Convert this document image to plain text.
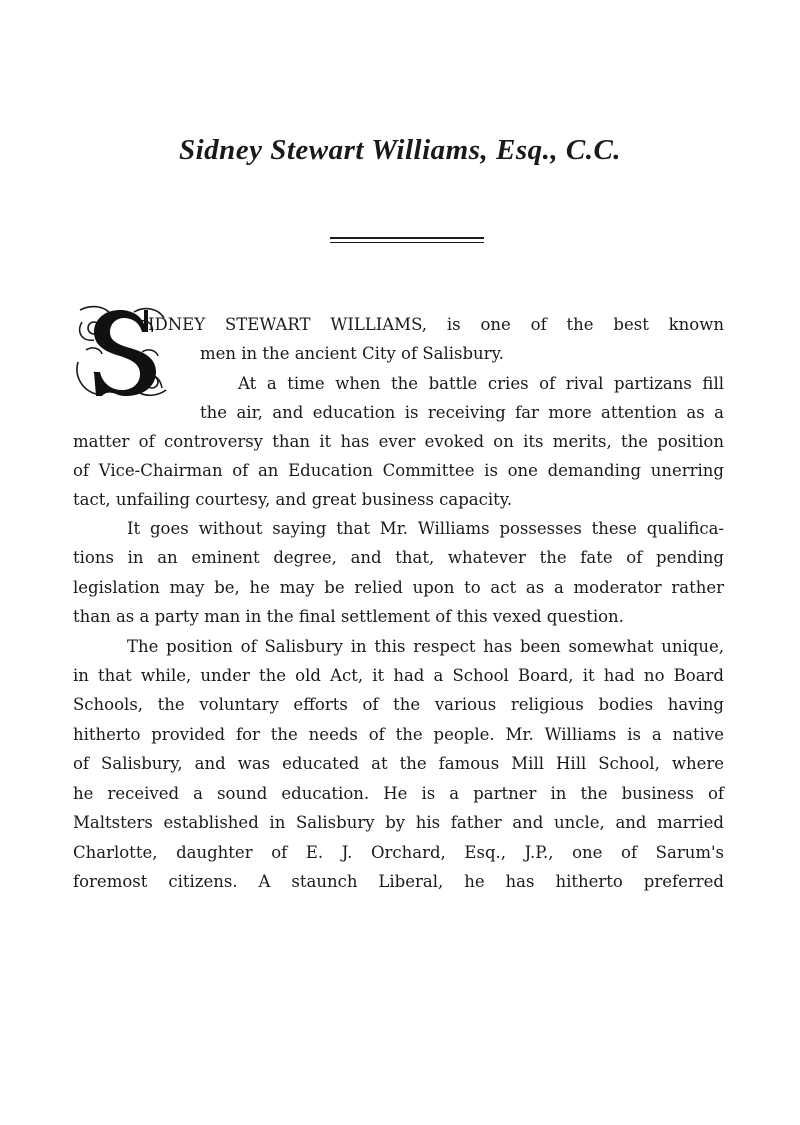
Sidney Stewart Williams, Esq., C.C.

IDNEY STEWART WILLIAMS, is one of the best known

men in the ancient City of Salisbury.

At a time when the battle cries of rival partizans fill

the air, and education is receiving far more attention as a

matter of controversy than it has ever evoked on its merits, the position

of Vice-Chairman of an Education Committee is one demanding unerring

tact, unfailing courtesy, and great business capacity.

It goes without saying that Mr. Williams possesses these qualifica-

tions in an eminent degree, and that, whatever the fate of pending

legislation may be, he may be relied upon to act as a moderator rather

than as a party man in the final settlement of this vexed question.

The position of Salisbury in this respect has been somewhat unique,

in that while, under the old Act, it had a School Board, it had no Board

Schools, the voluntary efforts of the various religious bodies having

hitherto provided for the needs of the people. Mr. Williams is a native

of Salisbury, and was educated at the famous Mill Hill School, where

he received a sound education. He is a partner in the business of

Maltsters established in Salisbury by his father and uncle, and married

Charlotte, daughter of E. J. Orchard, Esq., J.P., one of Sarum's

foremost citizens. A staunch Liberal, he has hitherto preferred
